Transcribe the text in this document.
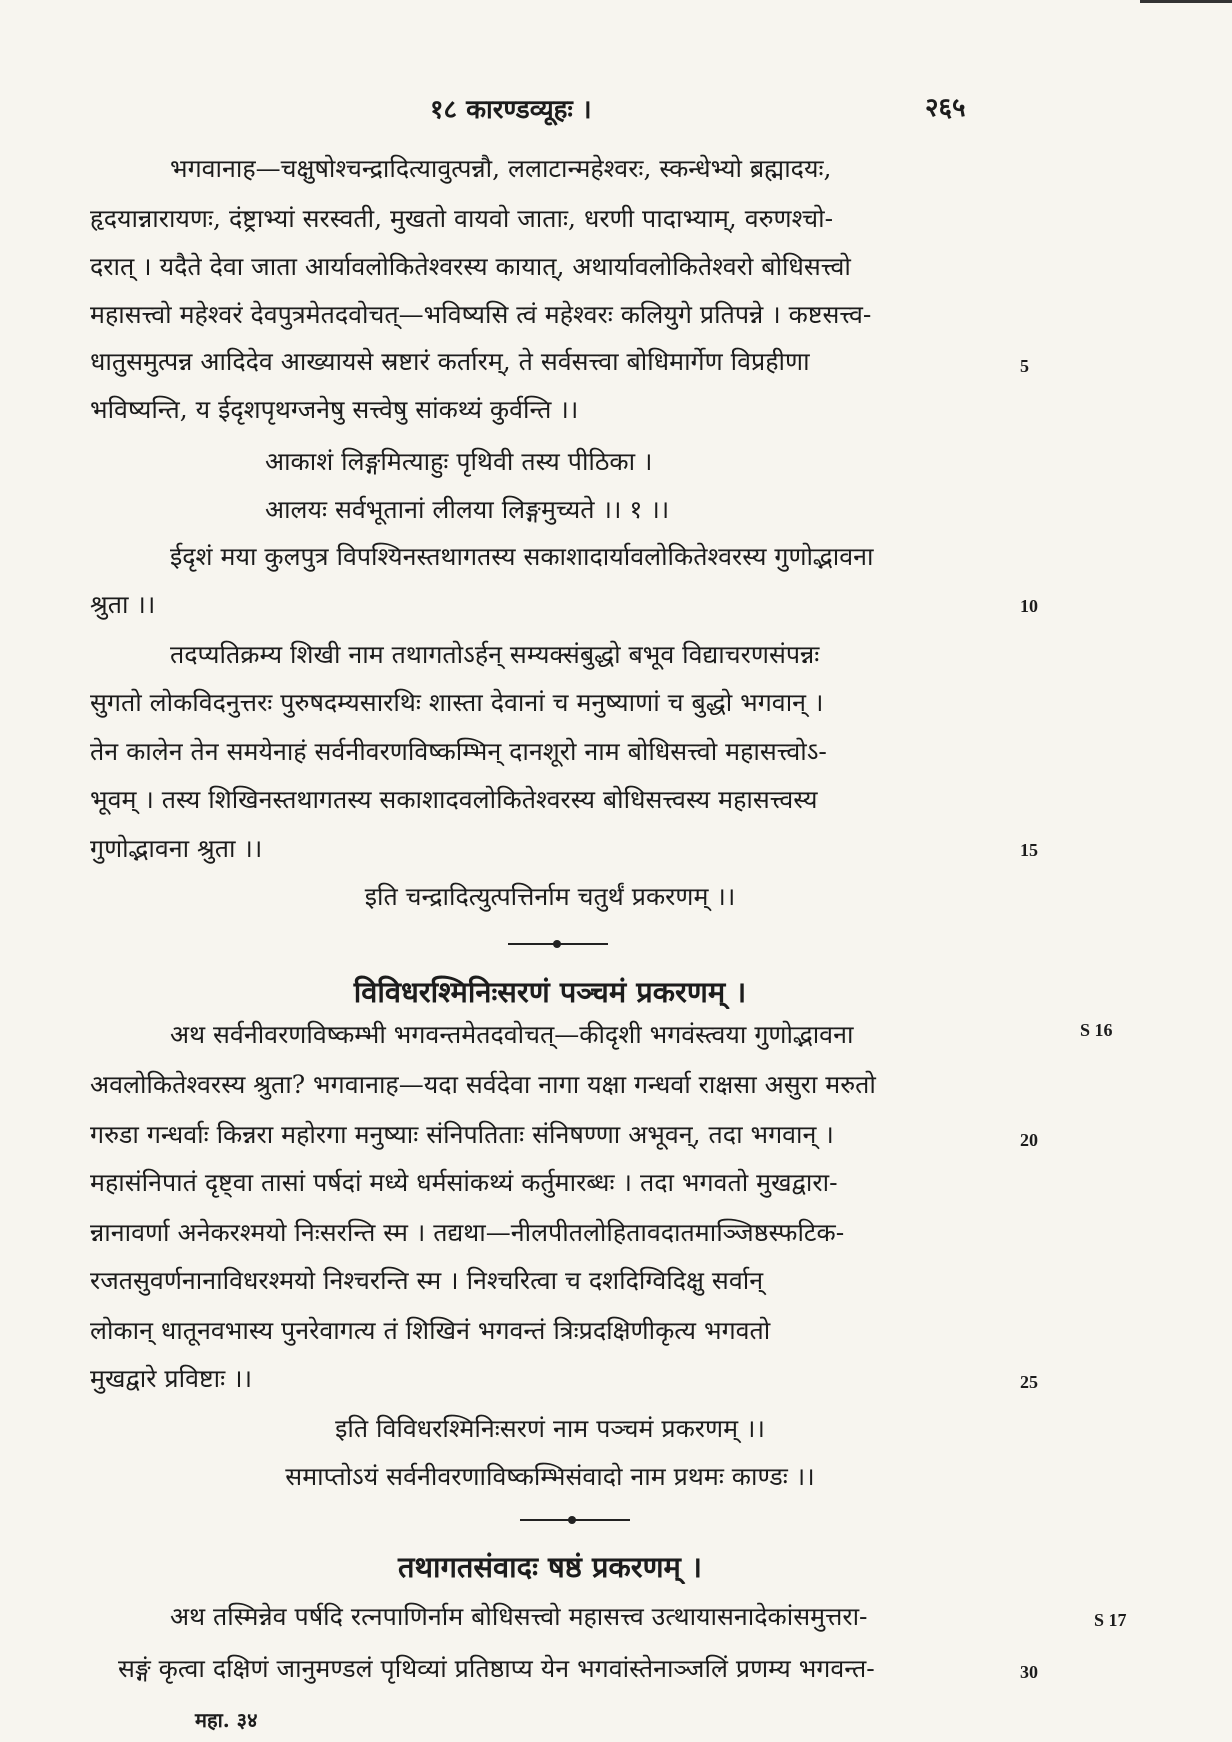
१८ कारण्डव्यूहः ।	२६५
भगवानाह—चक्षुषोश्चन्द्रादित्यावुत्पन्नौ, ललाटान्महेश्वरः, स्कन्धेभ्यो ब्रह्मादयः,
हृदयान्नारायणः, दंष्ट्राभ्यां सरस्वती, मुखतो वायवो जाताः, धरणी पादाभ्याम्, वरुणश्चो-
दरात् । यदैते देवा जाता आर्यावलोकितेश्वरस्य कायात्, अथार्यावलोकितेश्वरो बोधिसत्त्वो
महासत्त्वो महेश्वरं देवपुत्रमेतदवोचत्—भविष्यसि त्वं महेश्वरः कलियुगे प्रतिपन्ने । कष्टसत्त्व-
धातुसमुत्पन्न आदिदेव आख्यायसे स्रष्टारं कर्तारम्, ते सर्वसत्त्वा बोधिमार्गेण विप्रहीणा	5
भविष्यन्ति, य ईदृशपृथग्जनेषु सत्त्वेषु सांकथ्यं कुर्वन्ति ।।
आकाशं लिङ्गमित्याहुः पृथिवी तस्य पीठिका ।
आलयः सर्वभूतानां लीलया लिङ्गमुच्यते ।। १ ।।
ईदृशं मया कुलपुत्र विपश्यिनस्तथागतस्य सकाशादार्यावलोकितेश्वरस्य गुणोद्भावना
श्रुता ।।	10
तदप्यतिक्रम्य शिखी नाम तथागतोऽर्हन् सम्यक्संबुद्धो बभूव विद्याचरणसंपन्नः
सुगतो लोकविदनुत्तरः पुरुषदम्यसारथिः शास्ता देवानां च मनुष्याणां च बुद्धो भगवान् ।
तेन कालेन तेन समयेनाहं सर्वनीवरणविष्कम्भिन् दानशूरो नाम बोधिसत्त्वो महासत्त्वोऽ-
भूवम् । तस्य शिखिनस्तथागतस्य सकाशादवलोकितेश्वरस्य बोधिसत्त्वस्य महासत्त्वस्य
गुणोद्भावना श्रुता ।।	15
इति चन्द्रादित्युत्पत्तिर्नाम चतुर्थं प्रकरणम् ।।
विविधरश्मिनिःसरणं पञ्चमं प्रकरणम् ।
S 16
अथ सर्वनीवरणविष्कम्भी भगवन्तमेतदवोचत्—कीदृशी भगवंस्त्वया गुणोद्भावना
अवलोकितेश्वरस्य श्रुता? भगवानाह—यदा सर्वदेवा नागा यक्षा गन्धर्वा राक्षसा असुरा मरुतो
गरुडा गन्धर्वाः किन्नरा महोरगा मनुष्याः संनिपतिताः संनिषण्णा अभूवन्, तदा भगवान् ।	20
महासंनिपातं दृष्ट्वा तासां पर्षदां मध्ये धर्मसांकथ्यं कर्तुमारब्धः । तदा भगवतो मुखद्वारा-
न्नानावर्णा अनेकरश्मयो निःसरन्ति स्म । तद्यथा—नीलपीतलोहितावदातमाञ्जिष्ठस्फटिक-
रजतसुवर्णनानाविधरश्मयो निश्चरन्ति स्म । निश्चरित्वा च दशदिग्विदिक्षु सर्वान्
लोकान् धातूनवभास्य पुनरेवागत्य तं शिखिनं भगवन्तं त्रिःप्रदक्षिणीकृत्य भगवतो
मुखद्वारे प्रविष्टाः ।।	25
इति विविधरश्मिनिःसरणं नाम पञ्चमं प्रकरणम् ।।
समाप्तोऽयं सर्वनीवरणाविष्कम्भिसंवादो नाम प्रथमः काण्डः ।।
तथागतसंवादः षष्ठं प्रकरणम् ।
अथ तस्मिन्नेव पर्षदि रत्नपाणिर्नाम बोधिसत्त्वो महासत्त्व उत्थायासनादेकांसमुत्तरा-	S 17
सङ्गं कृत्वा दक्षिणं जानुमण्डलं पृथिव्यां प्रतिष्ठाप्य येन भगवांस्तेनाञ्जलिं प्रणम्य भगवन्त-	30
महा. ३४
